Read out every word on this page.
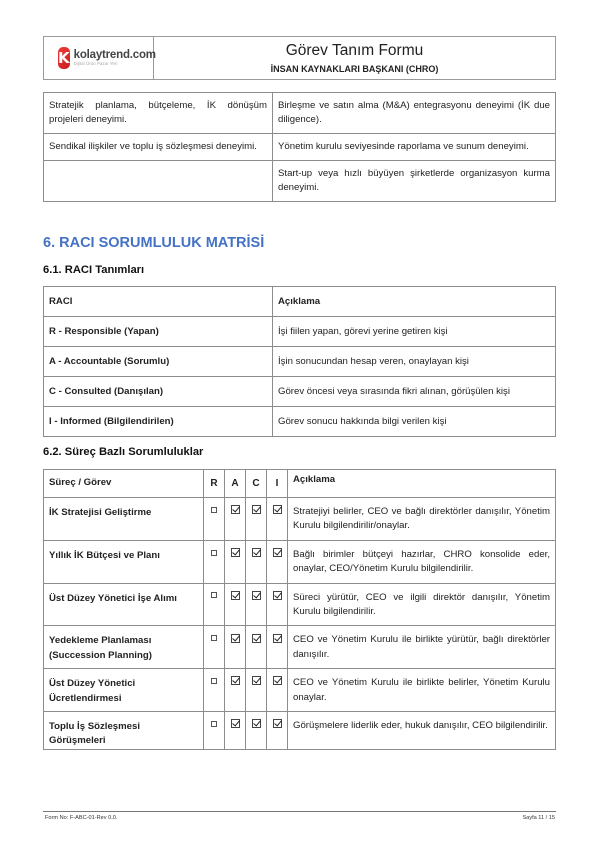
K kolaytrend.com
Dijital Ürün Pazar Yeri
Görev Tanım Formu
İNSAN KAYNAKLARI BAŞKANI (CHRO)
Stratejik planlama, bütçeleme, İK dönüşüm projeleri deneyimi.	Birleşme ve satın alma (M&A) entegrasyonu deneyimi (İK due diligence).
Sendikal ilişkiler ve toplu iş sözleşmesi deneyimi.	Yönetim kurulu seviyesinde raporlama ve sunum deneyimi.
	Start-up veya hızlı büyüyen şirketlerde organizasyon kurma deneyimi.
6. RACI SORUMLULUK MATRİSİ
6.1. RACI Tanımları
RACI	Açıklama
R - Responsible (Yapan)	İşi fiilen yapan, görevi yerine getiren kişi
A - Accountable (Sorumlu)	İşin sonucundan hesap veren, onaylayan kişi
C - Consulted (Danışılan)	Görev öncesi veya sırasında fikri alınan, görüşülen kişi
I - Informed (Bilgilendirilen)	Görev sonucu hakkında bilgi verilen kişi
6.2. Süreç Bazlı Sorumluluklar
Süreç / Görev	R	A	C	I	Açıklama
İK Stratejisi Geliştirme					Stratejiyi belirler, CEO ve bağlı direktörler danışılır, Yönetim Kurulu bilgilendirilir/onaylar.
Yıllık İK Bütçesi ve Planı					Bağlı birimler bütçeyi hazırlar, CHRO konsolide eder, onaylar, CEO/Yönetim Kurulu bilgilendirilir.
Üst Düzey Yönetici İşe Alımı					Süreci yürütür, CEO ve ilgili direktör danışılır, Yönetim Kurulu bilgilendirilir.
Yedekleme Planlaması (Succession Planning)					CEO ve Yönetim Kurulu ile birlikte yürütür, bağlı direktörler danışılır.
Üst Düzey Yönetici Ücretlendirmesi					CEO ve Yönetim Kurulu ile birlikte belirler, Yönetim Kurulu onaylar.
Toplu İş Sözleşmesi Görüşmeleri					Görüşmelere liderlik eder, hukuk danışılır, CEO bilgilendirilir.
Form No: F-ABC-01-Rev 0.0.	Sayfa 11 / 15
